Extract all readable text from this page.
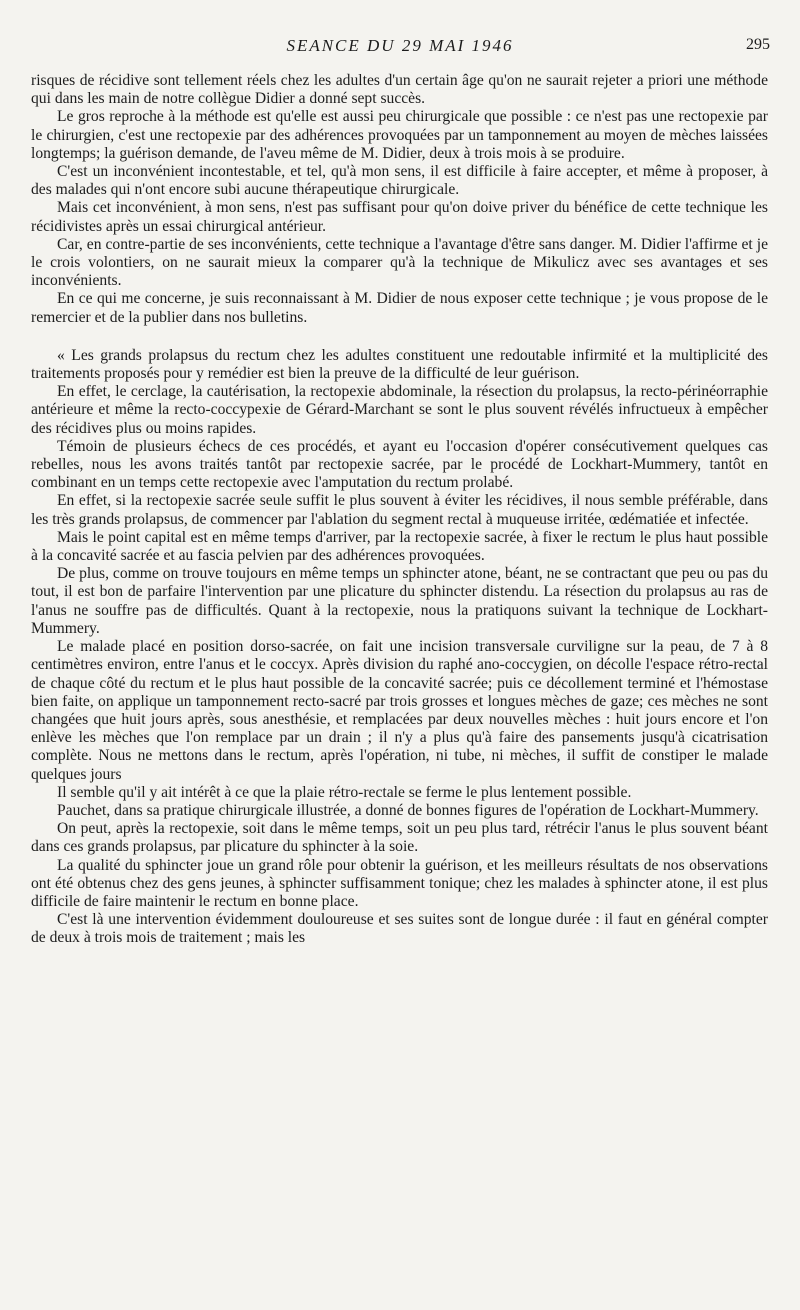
SEANCE DU 29 MAI 1946	295

risques de récidive sont tellement réels chez les adultes d'un certain âge qu'on ne saurait rejeter a priori une méthode qui dans les main de notre collègue Didier a donné sept succès.

Le gros reproche à la méthode est qu'elle est aussi peu chirurgicale que possible : ce n'est pas une rectopexie par le chirurgien, c'est une rectopexie par des adhérences provoquées par un tamponnement au moyen de mèches laissées longtemps; la guérison demande, de l'aveu même de M. Didier, deux à trois mois à se produire.

C'est un inconvénient incontestable, et tel, qu'à mon sens, il est difficile à faire accepter, et même à proposer, à des malades qui n'ont encore subi aucune thérapeutique chirurgicale.

Mais cet inconvénient, à mon sens, n'est pas suffisant pour qu'on doive priver du bénéfice de cette technique les récidivistes après un essai chirurgical antérieur.

Car, en contre-partie de ses inconvénients, cette technique a l'avantage d'être sans danger. M. Didier l'affirme et je le crois volontiers, on ne saurait mieux la comparer qu'à la technique de Mikulicz avec ses avantages et ses inconvénients.

En ce qui me concerne, je suis reconnaissant à M. Didier de nous exposer cette technique ; je vous propose de le remercier et de la publier dans nos bulletins.

« Les grands prolapsus du rectum chez les adultes constituent une redoutable infirmité et la multiplicité des traitements proposés pour y remédier est bien la preuve de la difficulté de leur guérison.

En effet, le cerclage, la cautérisation, la rectopexie abdominale, la résection du prolapsus, la recto-périnéorraphie antérieure et même la recto-coccypexie de Gérard-Marchant se sont le plus souvent révélés infructueux à empêcher des récidives plus ou moins rapides.

Témoin de plusieurs échecs de ces procédés, et ayant eu l'occasion d'opérer consécutivement quelques cas rebelles, nous les avons traités tantôt par rectopexie sacrée, par le procédé de Lockhart-Mummery, tantôt en combinant en un temps cette rectopexie avec l'amputation du rectum prolabé.

En effet, si la rectopexie sacrée seule suffit le plus souvent à éviter les récidives, il nous semble préférable, dans les très grands prolapsus, de commencer par l'ablation du segment rectal à muqueuse irritée, œdématiée et infectée.

Mais le point capital est en même temps d'arriver, par la rectopexie sacrée, à fixer le rectum le plus haut possible à la concavité sacrée et au fascia pelvien par des adhérences provoquées.

De plus, comme on trouve toujours en même temps un sphincter atone, béant, ne se contractant que peu ou pas du tout, il est bon de parfaire l'intervention par une plicature du sphincter distendu. La résection du prolapsus au ras de l'anus ne souffre pas de difficultés. Quant à la rectopexie, nous la pratiquons suivant la technique de Lockhart-Mummery.

Le malade placé en position dorso-sacrée, on fait une incision transversale curviligne sur la peau, de 7 à 8 centimètres environ, entre l'anus et le coccyx. Après division du raphé ano-coccygien, on décolle l'espace rétro-rectal de chaque côté du rectum et le plus haut possible de la concavité sacrée; puis ce décollement terminé et l'hémostase bien faite, on applique un tamponnement recto-sacré par trois grosses et longues mèches de gaze; ces mèches ne sont changées que huit jours après, sous anesthésie, et remplacées par deux nouvelles mèches : huit jours encore et l'on enlève les mèches que l'on remplace par un drain ; il n'y a plus qu'à faire des pansements jusqu'à cicatrisation complète. Nous ne mettons dans le rectum, après l'opération, ni tube, ni mèches, il suffit de constiper le malade quelques jours

Il semble qu'il y ait intérêt à ce que la plaie rétro-rectale se ferme le plus lentement possible.

Pauchet, dans sa pratique chirurgicale illustrée, a donné de bonnes figures de l'opération de Lockhart-Mummery.

On peut, après la rectopexie, soit dans le même temps, soit un peu plus tard, rétrécir l'anus le plus souvent béant dans ces grands prolapsus, par plicature du sphincter à la soie.

La qualité du sphincter joue un grand rôle pour obtenir la guérison, et les meilleurs résultats de nos observations ont été obtenus chez des gens jeunes, à sphincter suffisamment tonique; chez les malades à sphincter atone, il est plus difficile de faire maintenir le rectum en bonne place.

C'est là une intervention évidemment douloureuse et ses suites sont de longue durée : il faut en général compter de deux à trois mois de traitement ; mais les
